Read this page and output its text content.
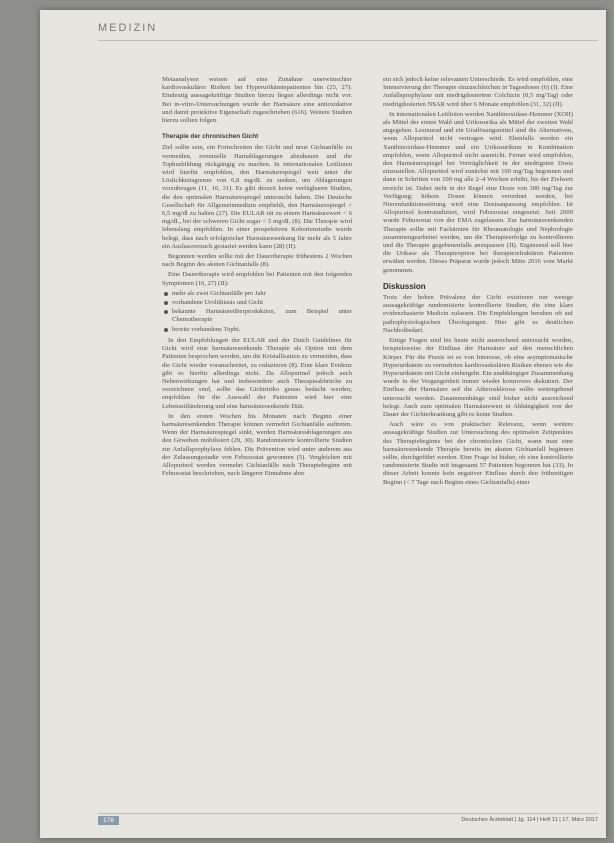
MEDIZIN

Metaanalysen weisen auf eine Zunahme unerwünschter kardiovaskulärer Risiken bei Hyperurikämiepatienten hin (25, 27). Eindeutig aussagekräftige Studien hierzu liegen allerdings nicht vor. Bei in-vitro-Untersuchungen wurde der Harnsäure eine antioxidative und damit protektive Eigenschaft zugeschrieben (616). Weitere Studien hierzu sollten folgen.

Therapie der chronischen Gicht

Ziel sollte sein, ein Fortschreiten der Gicht und neue Gichtanfälle zu vermeiden, eventuelle Harnablagerungen abzubauen und die Tophusbildung rückgängig zu machen. In internationalen Leitlinien wird hierfür empfohlen, den Harnsäurespiegel weit unter die Löslichkeitsgrenze von 6,8 mg/dL zu senken, um Ablagerungen vorzubeugen (11, 16, 31). Es gibt derzeit keine verfügbaren Studien, die den optimalen Harnsäurespiegel untersucht haben. Die Deutsche Gesellschaft für Allgemeinmedizin empfiehlt, den Harnsäurespiegel < 6,5 mg/dl zu halten (27). Die EULAR rät zu einem Harnsäurewert < 6 mg/dL, bei der schweren Gicht sogar < 5 mg/dL (8). Die Therapie wird lebenslang empfohlen. In einer prospektiven Kohortenstudie wurde belegt, dass nach erfolgreicher Harnsäuresenkung für mehr als 5 Jahre ein Auslassversuch gestartet werden kann (28) (II).

Begonnen werden sollte mit der Dauertherapie frühestens 2 Wochen nach Beginn des akuten Gichtanfalls (8).

Eine Dauertherapie wird empfohlen bei Patienten mit den folgenden Symptomen (16, 27) (II):

mehr als zwei Gichtanfälle pro Jahr
vorhandene Urolithiasis und Gicht
bekannte Harnsäureüberproduktion, zum Beispiel unter Chemotherapie
bereits vorhandene Tophi.

In den Empfehlungen der EULAR und der Dutch Guidelines für Gicht wird eine harnsäuresenkende Therapie als Option mit dem Patienten besprochen werden, um die Kristallisation zu vermeiden, dass die Gicht wieder voranschreitet, zu reduzieren (8). Eine klare Evidenz gibt es hierfür allerdings nicht. Da Allopurinol jedoch auch Nebenwirkungen hat und insbesondere auch Therapieabbrüche zu verzeichnen sind, sollte das Gichtrisiko genau bedacht werden; empfohlen für die Auswahl der Patienten wird hier eine Lebensstiländerung und eine harnsäuresenkende Diät.

In den ersten Wochen bis Monaten nach Beginn einer harnsäuresenkenden Therapie können vermehrt Gichtanfälle auftreten. Wenn der Harnsäurespiegel sinkt, werden Harnsäureablagerungen aus den Geweben mobilisiert (29, 30). Randomisierte kontrollierte Studien zur Anfallsprophylaxe fehlen. Die Prävention wird unter anderem aus der Zulassungsstudie von Febuxostat gewonnen (5). Vergleichen mit Allopurinol werden vermehrt Gichtanfälle nach Therapiebeginn mit Febuxostat beschrieben, nach längerer Einnahme aber

ein sich jedoch keine relevanten Unterschiede. Es wird empfohlen, eine Intensivierung der Therapie einzuschleichen in Tagesdosen (6) (I). Eine Anfallsprophylaxe mit niedrigdosiertem Colchicin (0,5 mg/Tag) oder niedrigdosierten NSAR wird über 6 Monate empfohlen (31, 32) (II).

In internationalen Leitlinien werden Xanthinoxidase-Hemmer (XOH) als Mittel der ersten Wahl und Urikosurika als Mittel der zweiten Wahl angegeben. Lesinurad und ein Uratlösungsmittel sind die Alternativen, wenn Allopurinol nicht vertragen wird. Ebenfalls werden ein Xanthinoxidase-Hemmer und ein Urikosurikum in Kombination empfohlen, wenn Allopurinol nicht ausreicht. Ferner wird empfohlen, den Harnsäurespiegel bei Verträglichkeit in der niedrigsten Dosis einzustellen. Allopurinol wird zunächst mit 100 mg/Tag begonnen und dann in Schritten von 100 mg alle 2–4 Wochen erhöht, bis der Zielwert erreicht ist. Dabei steht in der Regel eine Dosis von 300 mg/Tag zur Verfügung; höhere Dosen können verordnet werden, bei Nierenfunktionsstörung wird eine Dosisanpassung empfohlen. Ist Allopurinol kontraindiziert, wird Febuxostat eingesetzt. Seit 2009 wurde Febuxostat von der EMA zugelassen. Zur harnsäuresenkenden Therapie sollte mit Fachärzten für Rheumatologie und Nephrologie zusammengearbeitet werden, um die Therapieerfolge zu kontrollieren und die Therapie gegebenenfalls anzupassen (II). Ergänzend soll hier die Urikase als Therapieoption bei therapierefraktären Patienten erwähnt werden. Dieses Präparat wurde jedoch Mitte 2016 vom Markt genommen.

Diskussion

Trotz der hohen Prävalenz der Gicht existieren nur wenige aussagekräftige randomisierte kontrollierte Studien, die eine klare evidenzbasierte Medizin zulassen. Die Empfehlungen beruhen oft auf pathophysiologischen Überlegungen. Hier gibt es deutlichen Nachholbedarf.

Einige Fragen sind bis heute nicht ausreichend untersucht worden, beispielsweise der Einfluss der Harnsäure auf den menschlichen Körper. Für die Praxis ist es von Interesse, ob eine asymptomatische Hyperurikämie zu vermehrten kardiovaskulären Risiken ebenso wie die Hyperurikämie mit Gicht einhergeht. Ein unabhängiger Zusammenhang wurde in der Vergangenheit immer wieder kontrovers diskutiert. Der Einfluss der Harnsäure auf die Atherosklerose sollte weitergehend untersucht werden. Zusammenhänge sind bisher nicht ausreichend belegt. Auch zum optimalen Harnsäurewert in Abhängigkeit von der Dauer der Gichterkrankung gibt es keine Studien.

Auch wäre es von praktischer Relevanz, wenn weitere aussagekräftige Studien zur Untersuchung des optimalen Zeitpunktes des Therapiebeginns bei der chronischen Gicht, wann man eine harnsäuresenkende Therapie bereits im akuten Gichtanfall beginnen sollte, durchgeführt werden. Eine Frage ist bisher, ob eine kontrollierte randomisierte Studie mit insgesamt 57 Patienten begonnen hat (33). In dieser Arbeit konnte kein negativer Einfluss durch den frühzeitigen Beginn (< 7 Tage nach Beginn eines Gichtanfalls) einer

178	Deutsches Ärzteblatt | Jg. 114 | Heft 11 | 17. März 2017
